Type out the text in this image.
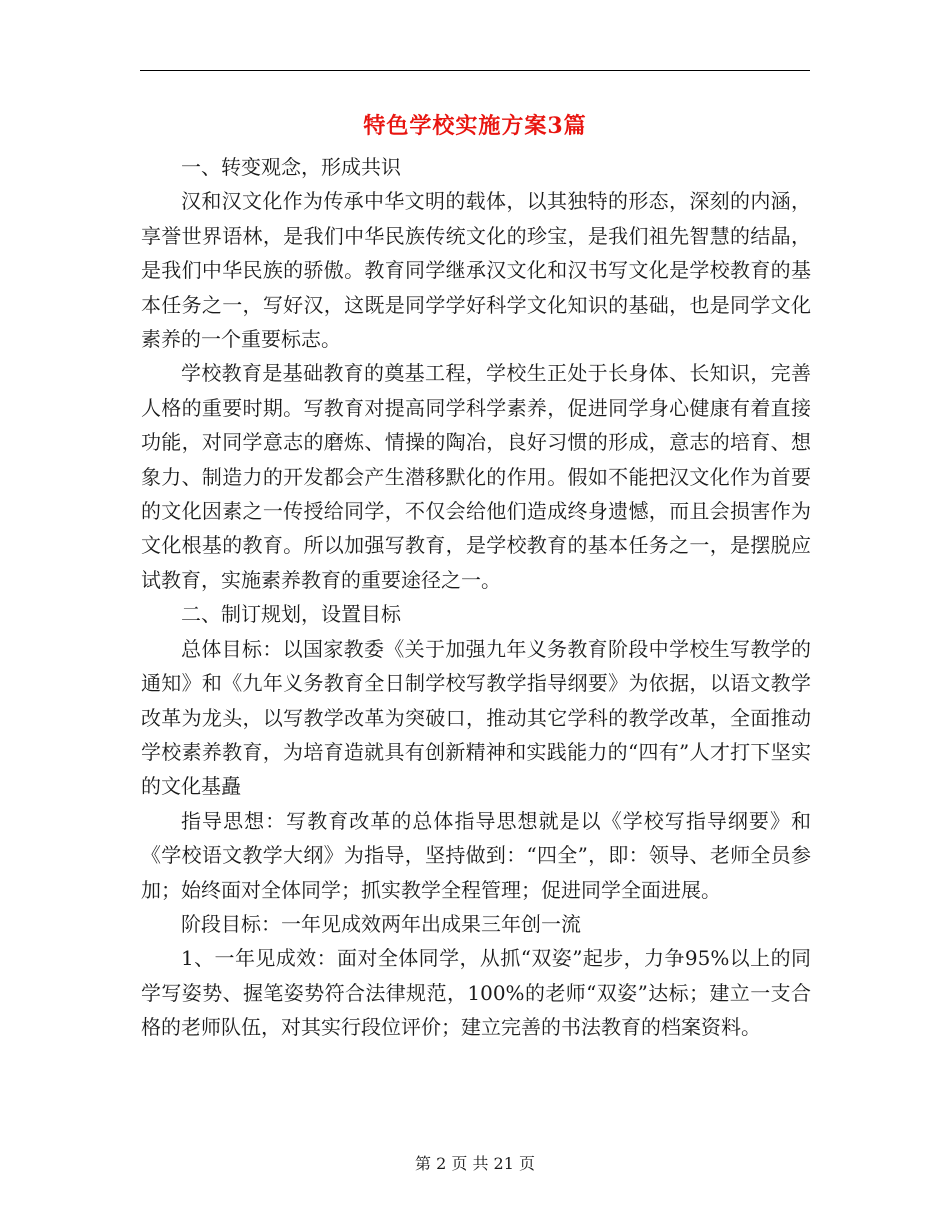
特色学校实施方案3篇

一、转变观念，形成共识

汉和汉文化作为传承中华文明的载体，以其独特的形态，深刻的内涵，享誉世界语林，是我们中华民族传统文化的珍宝，是我们祖先智慧的结晶，是我们中华民族的骄傲。教育同学继承汉文化和汉书写文化是学校教育的基本任务之一，写好汉，这既是同学学好科学文化知识的基础，也是同学文化素养的一个重要标志。

学校教育是基础教育的奠基工程，学校生正处于长身体、长知识，完善人格的重要时期。写教育对提高同学科学素养，促进同学身心健康有着直接功能，对同学意志的磨炼、情操的陶冶，良好习惯的形成，意志的培育、想象力、制造力的开发都会产生潜移默化的作用。假如不能把汉文化作为首要的文化因素之一传授给同学，不仅会给他们造成终身遗憾，而且会损害作为文化根基的教育。所以加强写教育，是学校教育的基本任务之一，是摆脱应试教育，实施素养教育的重要途径之一。

二、制订规划，设置目标

总体目标：以国家教委《关于加强九年义务教育阶段中学校生写教学的通知》和《九年义务教育全日制学校写教学指导纲要》为依据，以语文教学改革为龙头，以写教学改革为突破口，推动其它学科的教学改革，全面推动学校素养教育，为培育造就具有创新精神和实践能力的“四有”人才打下坚实的文化基矗

指导思想：写教育改革的总体指导思想就是以《学校写指导纲要》和《学校语文教学大纲》为指导，坚持做到：“四全”，即：领导、老师全员参加；始终面对全体同学；抓实教学全程管理；促进同学全面进展。

阶段目标：一年见成效两年出成果三年创一流

1、一年见成效：面对全体同学，从抓“双姿”起步，力争95%以上的同学写姿势、握笔姿势符合法律规范，100%的老师“双姿”达标；建立一支合格的老师队伍，对其实行段位评价；建立完善的书法教育的档案资料。

第 2 页 共 21 页
